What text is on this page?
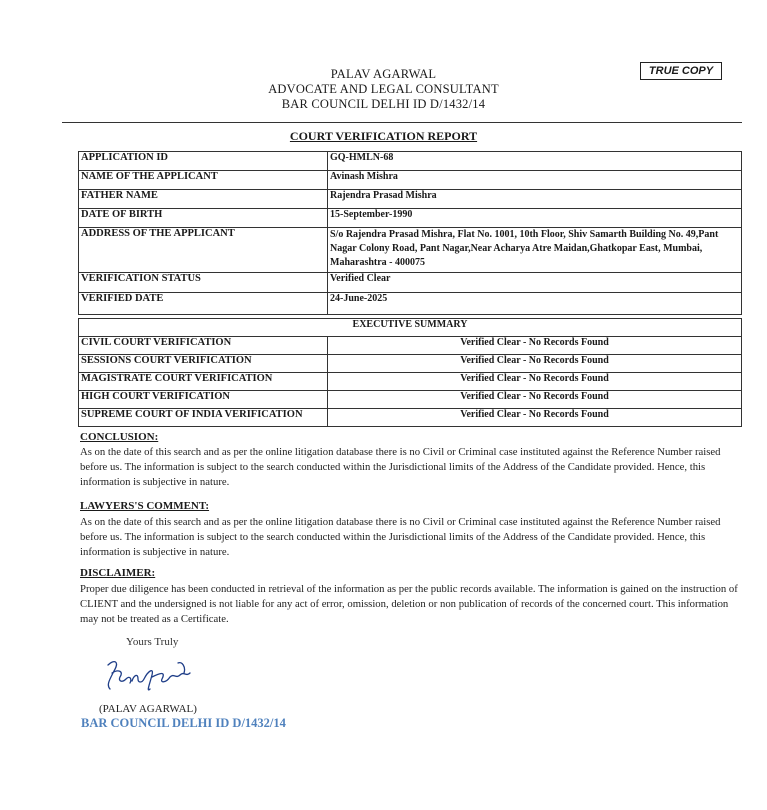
PALAV AGARWAL
ADVOCATE AND LEGAL CONSULTANT
BAR COUNCIL DELHI ID D/1432/14
TRUE COPY
COURT VERIFICATION REPORT
APPLICATION ID	GQ-HMLN-68
NAME OF THE APPLICANT	Avinash Mishra
FATHER NAME	Rajendra Prasad Mishra
DATE OF BIRTH	15-September-1990
ADDRESS OF THE APPLICANT	S/o Rajendra Prasad Mishra, Flat No. 1001, 10th Floor, Shiv Samarth Building No. 49,Pant Nagar Colony Road, Pant Nagar,Near Acharya Atre Maidan,Ghatkopar East, Mumbai, Maharashtra - 400075
VERIFICATION STATUS	Verified Clear
VERIFIED DATE	24-June-2025
EXECUTIVE SUMMARY	
CIVIL COURT VERIFICATION	Verified Clear - No Records Found
SESSIONS COURT VERIFICATION	Verified Clear - No Records Found
MAGISTRATE COURT VERIFICATION	Verified Clear - No Records Found
HIGH COURT VERIFICATION	Verified Clear - No Records Found
SUPREME COURT OF INDIA VERIFICATION	Verified Clear - No Records Found
CONCLUSION:
As on the date of this search and as per the online litigation database there is no Civil or Criminal case instituted against the Reference Number raised before us. The information is subject to the search conducted within the Jurisdictional limits of the Address of the Candidate provided. Hence, this information is subjective in nature.
LAWYERS'S COMMENT:
As on the date of this search and as per the online litigation database there is no Civil or Criminal case instituted against the Reference Number raised before us. The information is subject to the search conducted within the Jurisdictional limits of the Address of the Candidate provided. Hence, this information is subjective in nature.
DISCLAIMER:
Proper due diligence has been conducted in retrieval of the information as per the public records available. The information is gained on the instruction of CLIENT and the undersigned is not liable for any act of error, omission, deletion or non publication of records of the concerned court. This information may not be treated as a Certificate.
Yours Truly
(PALAV AGARWAL)
BAR COUNCIL DELHI ID D/1432/14
